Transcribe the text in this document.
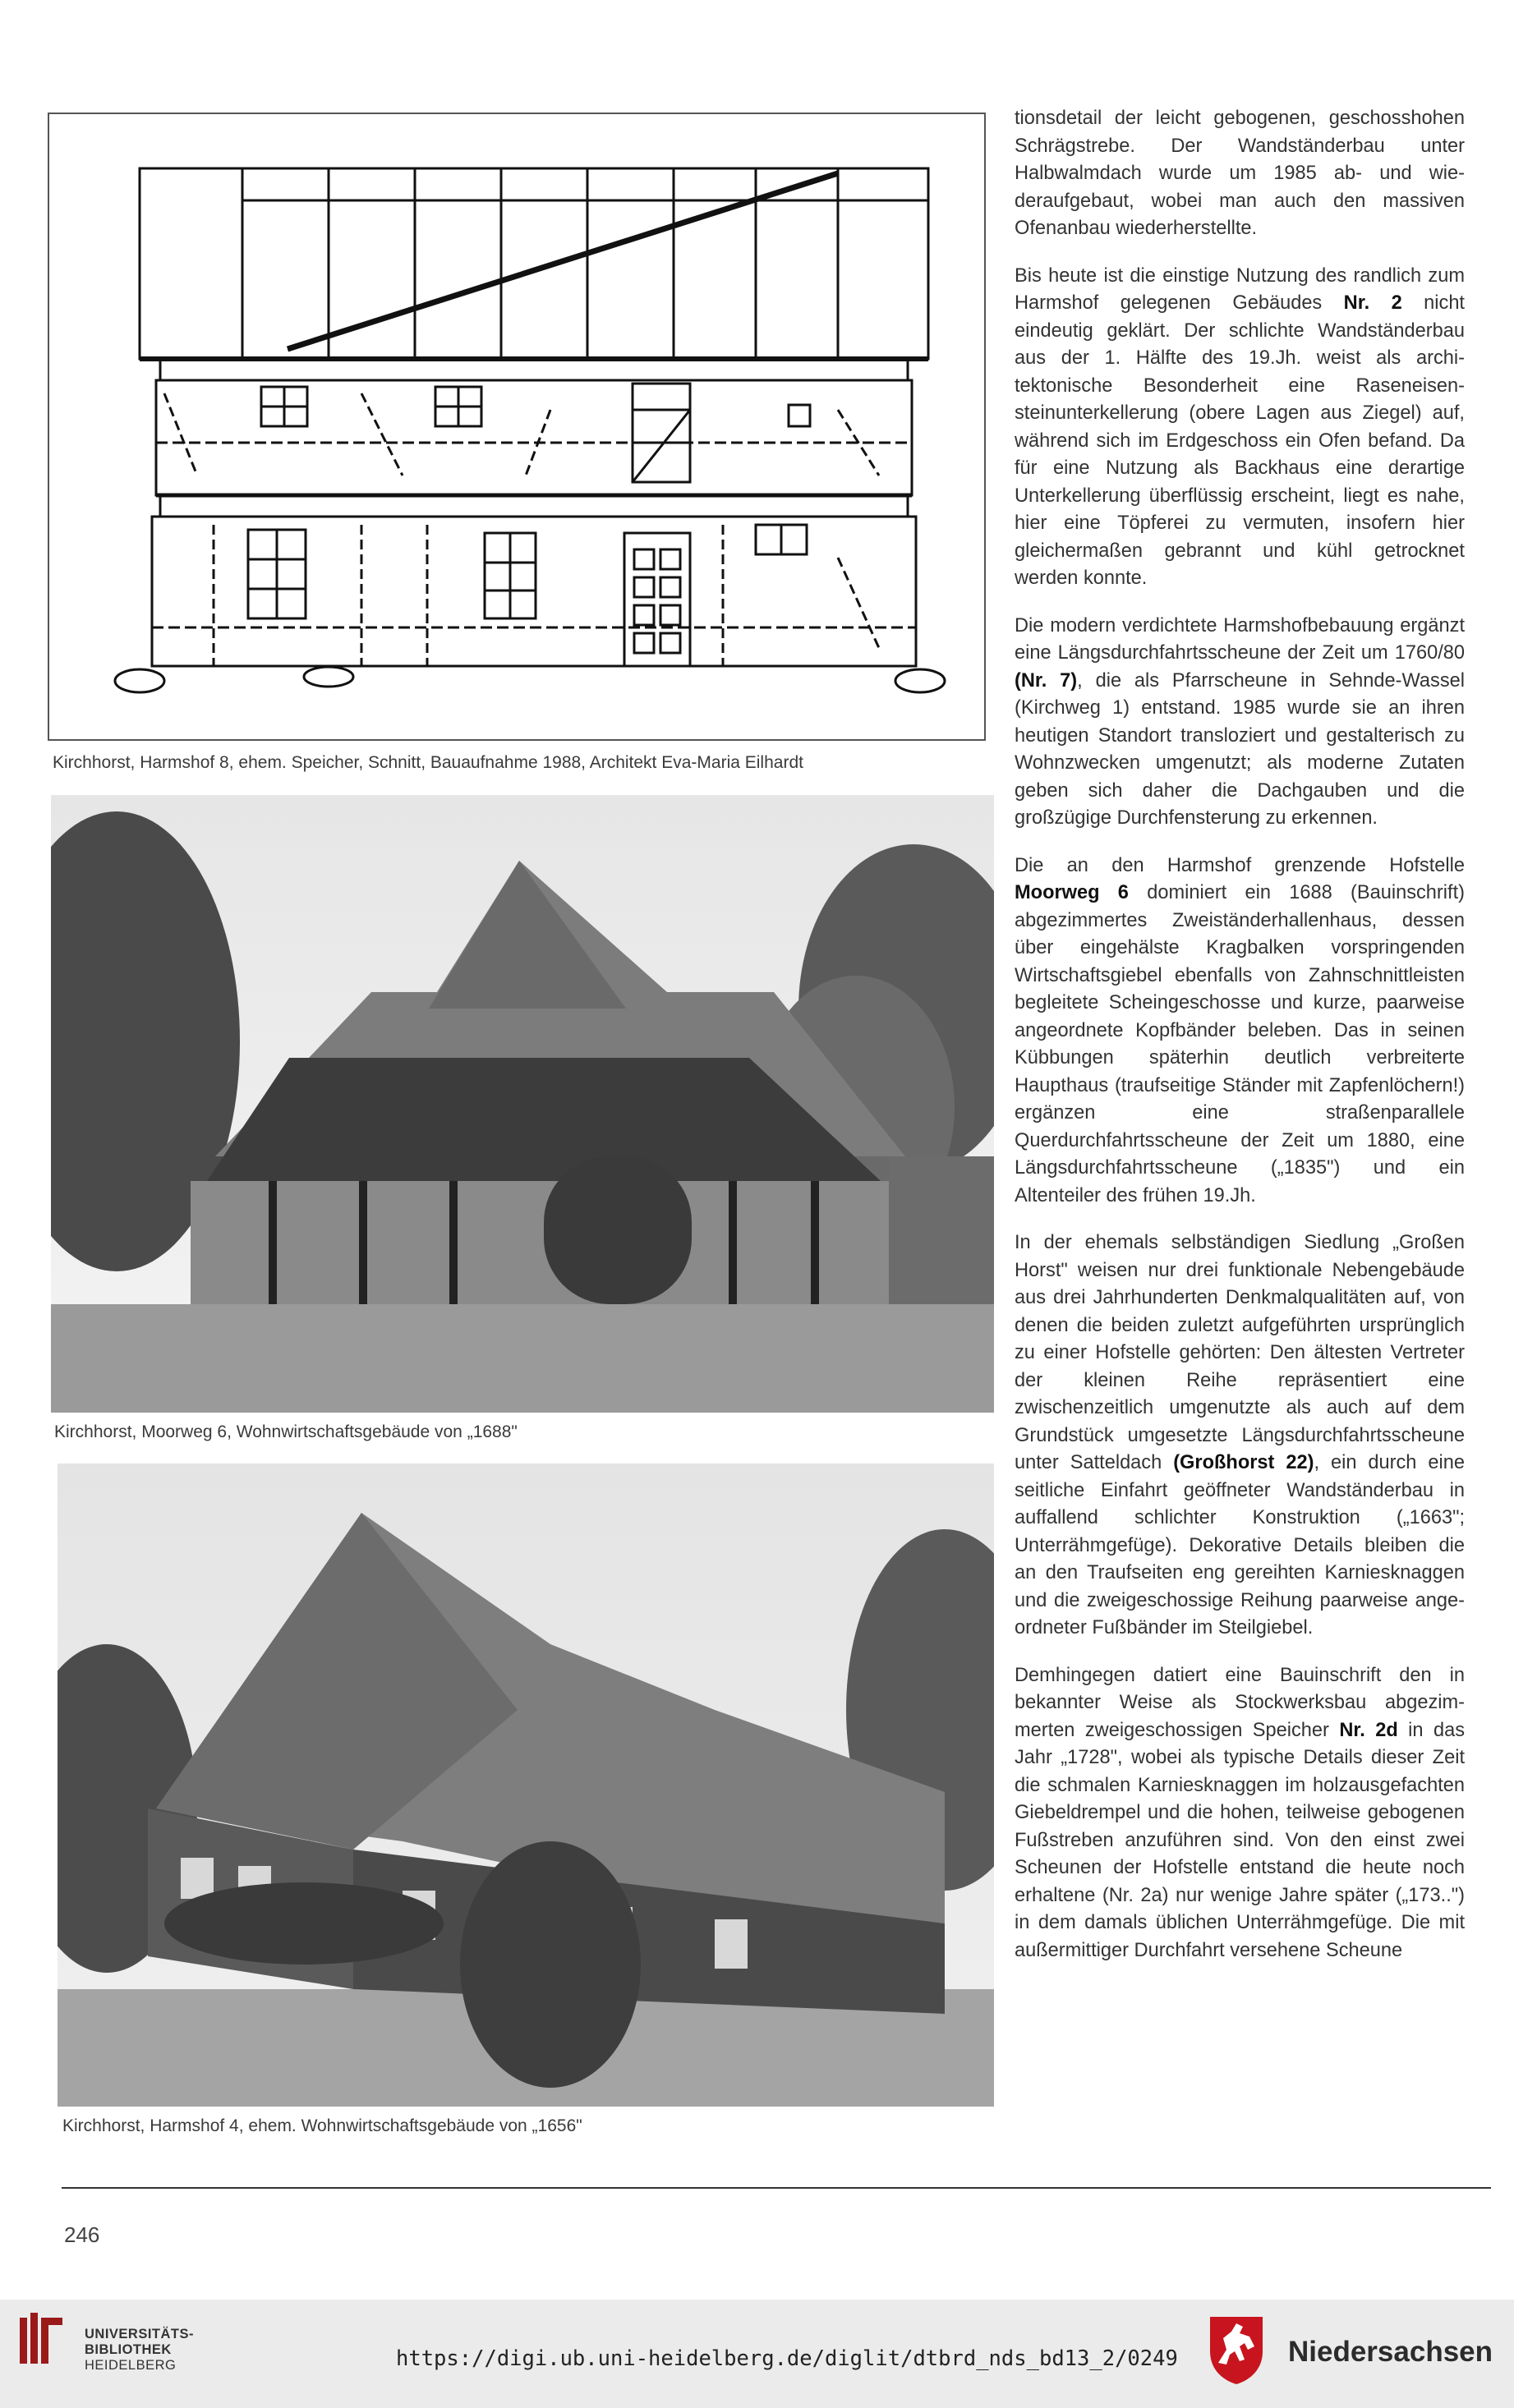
Kirchhorst, Harmshof 8, ehem. Speicher, Schnitt, Bauaufnahme 1988, Architekt Eva-Maria Eilhardt
Kirchhorst, Moorweg 6, Wohnwirtschaftsgebäude von „1688"
Kirchhorst, Harmshof 4, ehem. Wohnwirtschaftsgebäude von „1656"

tionsdetail der leicht gebogenen, geschosshohen Schrägstrebe. Der Wandständerbau unter Halbwalmdach wurde um 1985 ab- und wiederaufgebaut, wobei man auch den massiven Ofenanbau wiederherstellte.

Bis heute ist die einstige Nutzung des randlich zum Harmshof gelegenen Gebäudes Nr. 2 nicht eindeutig geklärt. Der schlichte Wandständerbau aus der 1. Hälfte des 19.Jh. weist als architektonische Besonderheit eine Raseneisensteinunterkellerung (obere Lagen aus Ziegel) auf, während sich im Erdgeschoss ein Ofen befand. Da für eine Nutzung als Backhaus eine derartige Unterkellerung überflüssig erscheint, liegt es nahe, hier eine Töpferei zu vermuten, insofern hier gleichermaßen gebrannt und kühl getrocknet werden konnte.

Die modern verdichtete Harmshofbebauung ergänzt eine Längsdurchfahrtsscheune der Zeit um 1760/80 (Nr. 7), die als Pfarrscheune in Sehnde-Wassel (Kirchweg 1) entstand. 1985 wurde sie an ihren heutigen Standort transloziert und gestalterisch zu Wohnzwecken umgenutzt; als moderne Zutaten geben sich daher die Dachgauben und die großzügige Durchfensterung zu erkennen.

Die an den Harmshof grenzende Hofstelle Moorweg 6 dominiert ein 1688 (Bauinschrift) abgezimmertes Zweiständerhallenhaus, dessen über eingehälste Kragbalken vorspringenden Wirtschaftsgiebel ebenfalls von Zahnschnittleisten begleitete Scheingeschosse und kurze, paarweise angeordnete Kopfbänder beleben. Das in seinen Kübbungen späterhin deutlich verbreiterte Haupthaus (traufseitige Ständer mit Zapfenlöchern!) ergänzen eine straßenparallele Querdurchfahrtsscheune der Zeit um 1880, eine Längsdurchfahrtsscheune („1835") und ein Altenteiler des frühen 19.Jh.

In der ehemals selbständigen Siedlung „Großen Horst" weisen nur drei funktionale Nebengebäude aus drei Jahrhunderten Denkmalqualitäten auf, von denen die beiden zuletzt aufgeführten ursprünglich zu einer Hofstelle gehörten: Den ältesten Vertreter der kleinen Reihe repräsentiert eine zwischenzeitlich umgenutzte als auch auf dem Grundstück umgesetzte Längsdurchfahrtsscheune unter Satteldach (Großhorst 22), ein durch eine seitliche Einfahrt geöffneter Wandständerbau in auffallend schlichter Konstruktion („1663"; Unterrähmgefüge). Dekorative Details bleiben die an den Traufseiten eng gereihten Karniesknaggen und die zweigeschossige Reihung paarweise angeordneter Fußbänder im Steilgiebel.

Demhingegen datiert eine Bauinschrift den in bekannter Weise als Stockwerksbau abgezimmerten zweigeschossigen Speicher Nr. 2d in das Jahr „1728", wobei als typische Details dieser Zeit die schmalen Karniesknaggen im holzausgefachten Giebeldrempel und die hohen, teilweise gebogenen Fußstreben anzuführen sind. Von den einst zwei Scheunen der Hofstelle entstand die heute noch erhaltene (Nr. 2a) nur wenige Jahre später („173..") in dem damals üblichen Unterrähmgefüge. Die mit außermittiger Durchfahrt versehene Scheune

246
UNIVERSITÄTS-
BIBLIOTHEK
HEIDELBERG	https://digi.ub.uni-heidelberg.de/diglit/dtbrd_nds_bd13_2/0249	Niedersachsen
